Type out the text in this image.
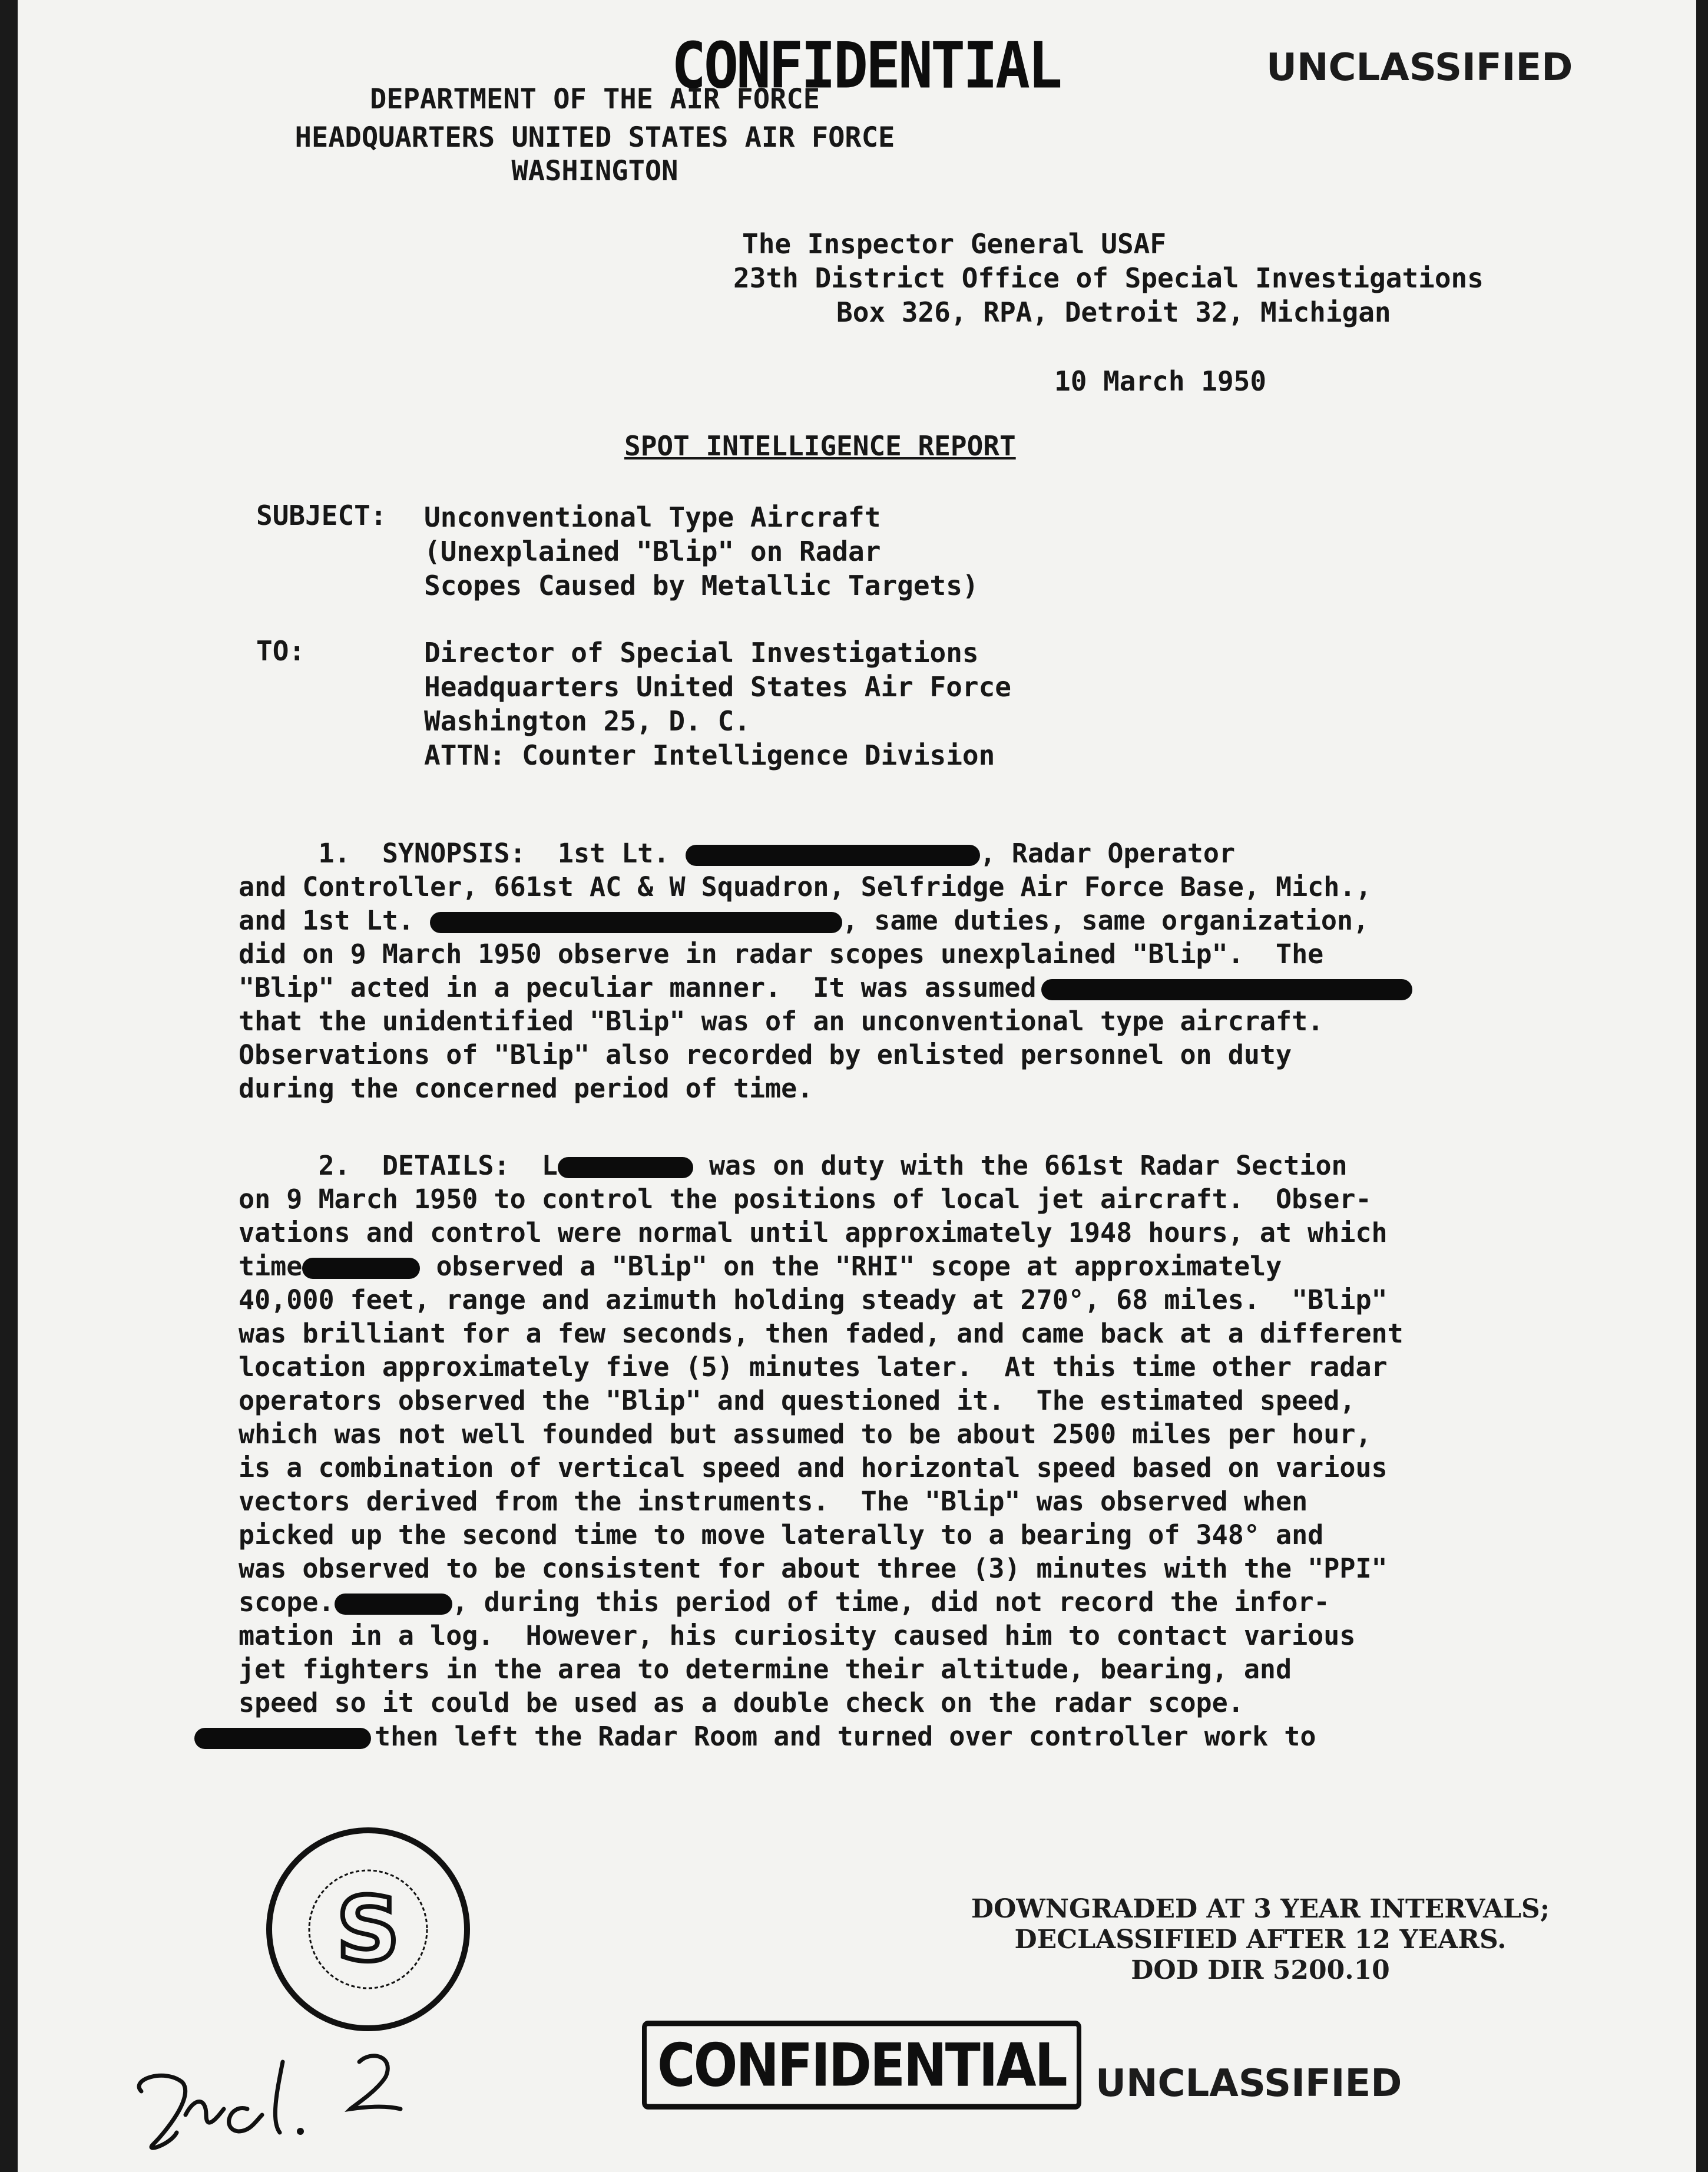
CONFIDENTIAL	UNCLASSIFIED
DEPARTMENT OF THE AIR FORCE
HEADQUARTERS UNITED STATES AIR FORCE
WASHINGTON
The Inspector General USAF
23th District Office of Special Investigations
Box 326, RPA, Detroit 32, Michigan
10 March 1950
SPOT INTELLIGENCE REPORT
SUBJECT: Unconventional Type Aircraft
(Unexplained "Blip" on Radar
Scopes Caused by Metallic Targets)
TO:	Director of Special Investigations
Headquarters United States Air Force
Washington 25, D. C.
ATTN: Counter Intelligence Division
1.  SYNOPSIS:  1st Lt.	, Radar Operator
and Controller, 661st AC & W Squadron, Selfridge Air Force Base, Mich.,
and 1st Lt.	, same duties, same organization,
did on 9 March 1950 observe in radar scopes unexplained "Blip".  The
"Blip" acted in a peculiar manner.  It was assumed
that the unidentified "Blip" was of an unconventional type aircraft.
Observations of "Blip" also recorded by enlisted personnel on duty
during the concerned period of time.
2.  DETAILS:  L	was on duty with the 661st Radar Section
on 9 March 1950 to control the positions of local jet aircraft.  Obser-
vations and control were normal until approximately 1948 hours, at which
time	observed a "Blip" on the "RHI" scope at approximately
40,000 feet, range and azimuth holding steady at 270°, 68 miles.  "Blip"
was brilliant for a few seconds, then faded, and came back at a different
location approximately five (5) minutes later.  At this time other radar
operators observed the "Blip" and questioned it.  The estimated speed,
which was not well founded but assumed to be about 2500 miles per hour,
is a combination of vertical speed and horizontal speed based on various
vectors derived from the instruments.  The "Blip" was observed when
picked up the second time to move laterally to a bearing of 348° and
was observed to be consistent for about three (3) minutes with the "PPI"
scope.	, during this period of time, did not record the infor-
mation in a log.  However, his curiosity caused him to contact various
jet fighters in the area to determine their altitude, bearing, and
speed so it could be used as a double check on the radar scope.
then left the Radar Room and turned over controller work to
S	DOWNGRADED AT 3 YEAR INTERVALS;
DECLASSIFIED AFTER 12 YEARS.
DOD DIR 5200.10
CONFIDENTIAL UNCLASSIFIED
